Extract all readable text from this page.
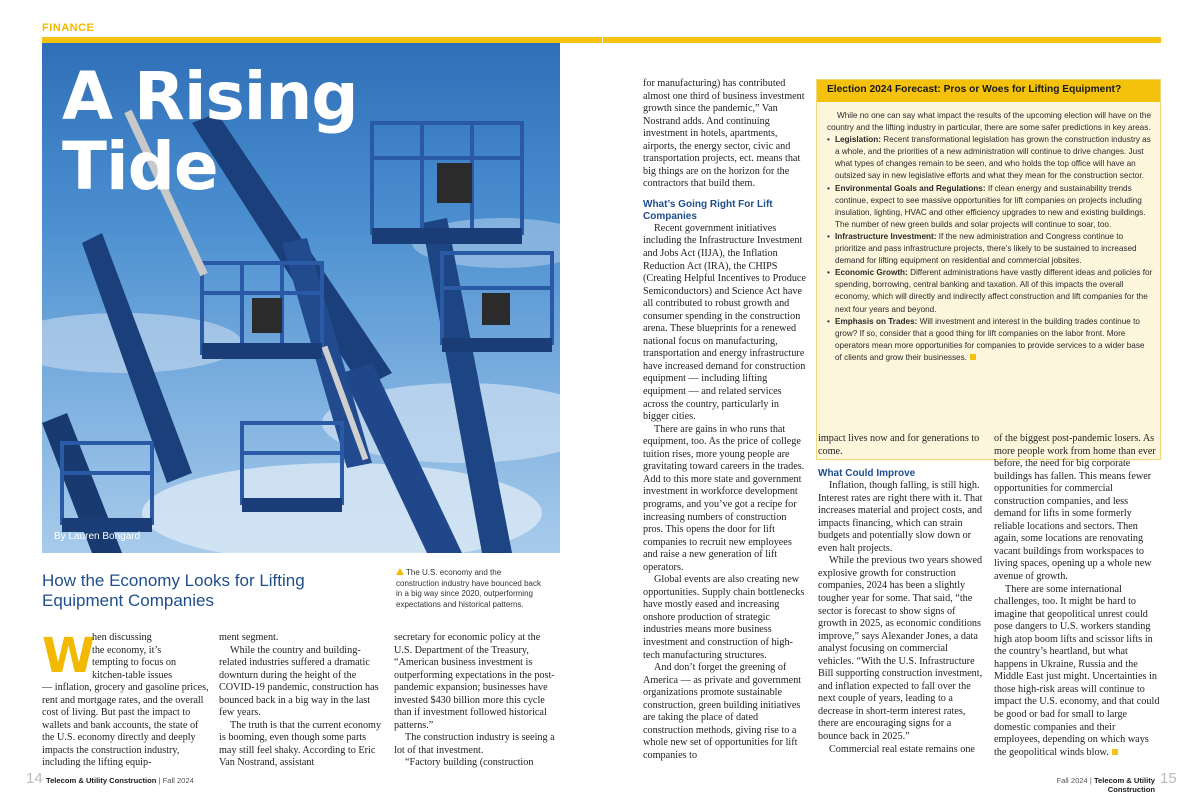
FINANCE
A Rising
Tide
By Lauren Bongard
How the Economy Looks for Lifting Equipment Companies
The U.S. economy and the construction industry have bounced back in a big way since 2020, outperforming expectations and historical patterns.
W
hen discussing
the economy, it’s
tempting to focus on
kitchen-table issues
— inflation, grocery and gasoline prices, rent and mortgage rates, and the overall cost of living. But past the impact to wallets and bank accounts, the state of the U.S. economy directly and deeply impacts the construction industry, including the lifting equip-

ment segment.

While the country and building-related industries suffered a dramatic downturn during the height of the COVID-19 pandemic, construction has bounced back in a big way in the last few years.

The truth is that the current economy is booming, even though some parts may still feel shaky. According to Eric Van Nostrand, assistant

secretary for economic policy at the U.S. Department of the Treasury, “American business investment is outperforming expectations in the post-pandemic expansion; businesses have invested $430 billion more this cycle than if investment followed historical patterns.”

The construction industry is seeing a lot of that investment.

“Factory building (construction

for manufacturing) has contributed almost one third of business investment growth since the pandemic,” Van Nostrand adds. And continuing investment in hotels, apartments, airports, the energy sector, civic and transportation projects, ect. means that big things are on the horizon for the contractors that build them.

What’s Going Right For Lift Companies

Recent government initiatives including the Infrastructure Investment and Jobs Act (IIJA), the Inflation Reduction Act (IRA), the CHIPS (Creating Helpful Incentives to Produce Semiconductors) and Science Act have all contributed to robust growth and consumer spending in the construction arena. These blueprints for a renewed national focus on manufacturing, transportation and energy infrastructure have increased demand for construction equipment — including lifting equipment — and related services across the country, particularly in bigger cities.

There are gains in who runs that equipment, too. As the price of college tuition rises, more young people are gravitating toward careers in the trades. Add to this more state and government investment in workforce development programs, and you’ve got a recipe for increasing numbers of construction pros. This opens the door for lift companies to recruit new employees and raise a new generation of lift operators.

Global events are also creating new opportunities. Supply chain bottlenecks have mostly eased and increasing onshore production of strategic industries means more business investment and construction of high-tech manufacturing structures.

And don’t forget the greening of America — as private and government organizations promote sustainable construction, green building initiatives are taking the place of dated construction methods, giving rise to a whole new set of opportunities for lift companies to

Election 2024 Forecast: Pros or Woes for Lifting Equipment?

While no one can say what impact the results of the upcoming election will have on the country and the lifting industry in particular, there are some safer predictions in key areas.

• Legislation: Recent transformational legislation has grown the construction industry as a whole, and the priorities of a new administration will continue to drive changes. Just what types of changes remain to be seen, and who holds the top office will have an outsized say in new legislative efforts and what they mean for the construction sector.
• Environmental Goals and Regulations: If clean energy and sustainability trends continue, expect to see massive opportunities for lift companies on projects including insulation, lighting, HVAC and other efficiency upgrades to new and existing buildings. The number of new green builds and solar projects will continue to soar, too.
• Infrastructure Investment: If the new administration and Congress continue to prioritize and pass infrastructure projects, there’s likely to be sustained to increased demand for lifting equipment on residential and commercial jobsites.
• Economic Growth: Different administrations have vastly different ideas and policies for spending, borrowing, central banking and taxation. All of this impacts the overall economy, which will directly and indirectly affect construction and lift companies for the next four years and beyond.
• Emphasis on Trades: Will investment and interest in the building trades continue to grow? If so, consider that a good thing for lift companies on the labor front. More operators mean more opportunities for companies to provide services to a wider base of clients and grow their businesses.

impact lives now and for generations to come.

What Could Improve

Inflation, though falling, is still high. Interest rates are right there with it. That increases material and project costs, and impacts financing, which can strain budgets and potentially slow down or even halt projects.

While the previous two years showed explosive growth for construction companies, 2024 has been a slightly tougher year for some. That said, “the sector is forecast to show signs of growth in 2025, as economic conditions improve,” says Alexander Jones, a data analyst focusing on commercial vehicles. “With the U.S. Infrastructure Bill supporting construction investment, and inflation expected to fall over the next couple of years, leading to a decrease in short-term interest rates, there are encouraging signs for a bounce back in 2025.”

Commercial real estate remains one

of the biggest post-pandemic losers. As more people work from home than ever before, the need for big corporate buildings has fallen. This means fewer opportunities for commercial construction companies, and less demand for lifts in some formerly reliable locations and sectors. Then again, some locations are renovating vacant buildings from workspaces to living spaces, opening up a whole new avenue of growth.

There are some international challenges, too. It might be hard to imagine that geopolitical unrest could pose dangers to U.S. workers standing high atop boom lifts and scissor lifts in the country’s heartland, but what happens in Ukraine, Russia and the Middle East just might. Uncertainties in those high-risk areas will continue to impact the U.S. economy, and that could be good or bad for small to large domestic companies and their employees, depending on which ways the geopolitical winds blow.

14 Telecom & Utility Construction | Fall 2024	Fall 2024 | Telecom & Utility Construction
15
